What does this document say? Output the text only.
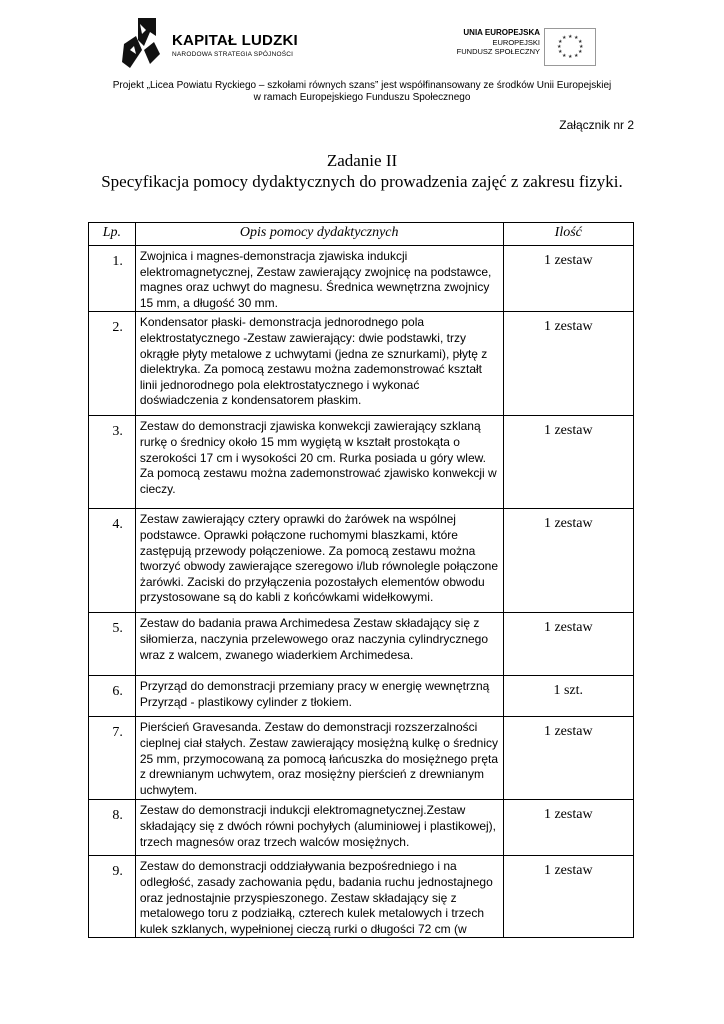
KAPITAŁ LUDZKI
NARODOWA STRATEGIA SPÓJNOŚCI
UNIA EUROPEJSKA
EUROPEJSKI
FUNDUSZ SPOŁECZNY
★ ★
★
★
★
★
★
★
★
★
★
★
Projekt „Licea Powiatu Ryckiego – szkołami równych szans” jest współfinansowany ze środków Unii Europejskiej
w ramach Europejskiego Funduszu Społecznego
Załącznik nr 2
Zadanie II
Specyfikacja pomocy dydaktycznych do prowadzenia zajęć z zakresu fizyki.
Lp.	Opis pomocy dydaktycznych	Ilość
1.	Zwojnica i magnes-demonstracja zjawiska indukcji elektromagnetycznej, Zestaw zawierający zwojnicę na podstawce, magnes oraz uchwyt do magnesu. Średnica wewnętrzna zwojnicy 15 mm, a długość 30 mm.	1 zestaw
2.	Kondensator płaski- demonstracja jednorodnego pola elektrostatycznego -Zestaw zawierający: dwie podstawki, trzy okrągłe płyty metalowe z uchwytami (jedna ze sznurkami), płytę z dielektryka. Za pomocą zestawu można zademonstrować kształt linii jednorodnego pola elektrostatycznego i wykonać doświadczenia z kondensatorem płaskim.	1 zestaw
3.	Zestaw do demonstracji zjawiska konwekcji zawierający szklaną rurkę o średnicy około 15 mm wygiętą w kształt prostokąta o szerokości 17 cm i wysokości 20 cm. Rurka posiada u góry wlew. Za pomocą zestawu można zademonstrować zjawisko konwekcji w cieczy.	1 zestaw
4.	Zestaw zawierający cztery oprawki do żarówek na wspólnej podstawce. Oprawki połączone ruchomymi blaszkami, które zastępują przewody połączeniowe. Za pomocą zestawu można tworzyć obwody zawierające szeregowo i/lub równolegle połączone żarówki. Zaciski do przyłączenia pozostałych elementów obwodu przystosowane są do kabli z końcówkami widełkowymi.	1 zestaw
5.	Zestaw do badania prawa Archimedesa Zestaw składający się z siłomierza, naczynia przelewowego oraz naczynia cylindrycznego wraz z walcem, zwanego wiaderkiem Archimedesa.	1 zestaw
6.	Przyrząd do demonstracji przemiany pracy w energię wewnętrzną Przyrząd - plastikowy cylinder z tłokiem.	1 szt.
7.	Pierścień Gravesanda. Zestaw do demonstracji rozszerzalności cieplnej ciał stałych. Zestaw zawierający mosiężną kulkę o średnicy 25 mm, przymocowaną za pomocą łańcuszka do mosiężnego pręta z drewnianym uchwytem, oraz mosiężny pierścień z drewnianym uchwytem.	1 zestaw
8.	Zestaw do demonstracji indukcji elektromagnetycznej.Zestaw składający się z dwóch równi pochyłych (aluminiowej i plastikowej), trzech magnesów oraz trzech walców mosiężnych.	1 zestaw
9.	Zestaw do demonstracji oddziaływania bezpośredniego i na odległość, zasady zachowania pędu, badania ruchu jednostajnego oraz jednostajnie przyspieszonego. Zestaw składający się z metalowego toru z podziałką, czterech kulek metalowych i trzech kulek szklanych, wypełnionej cieczą rurki o długości 72 cm (w	1 zestaw
